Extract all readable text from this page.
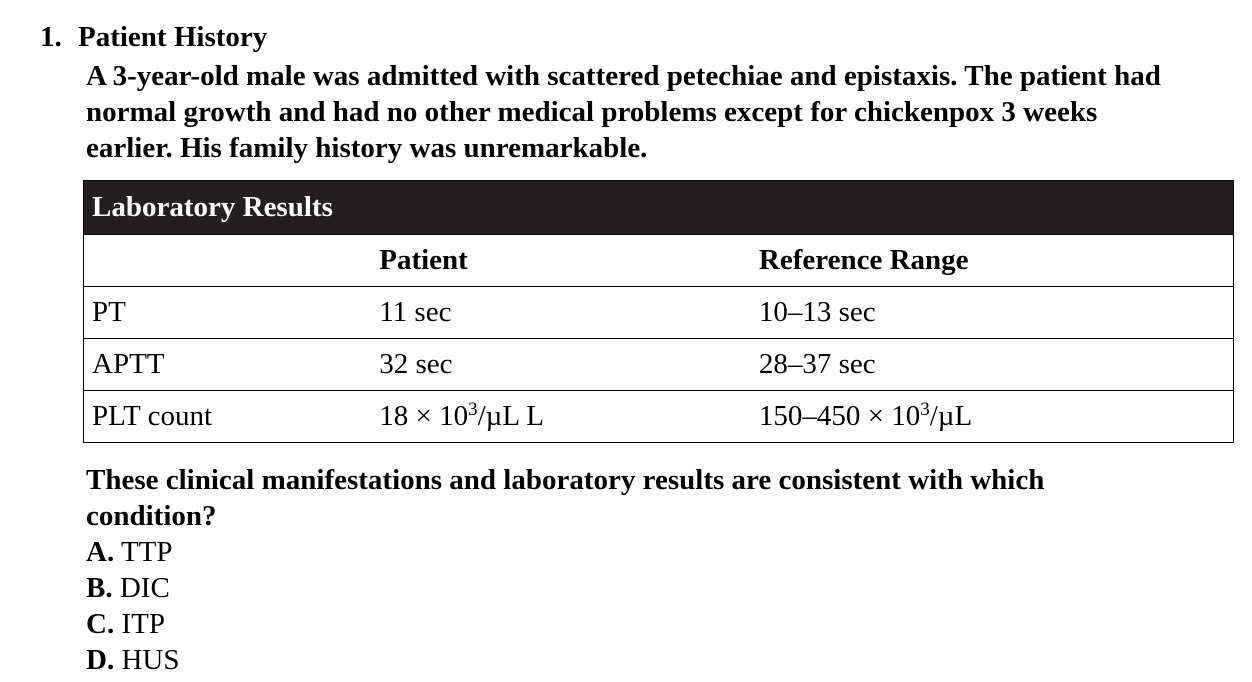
1. Patient History

A 3-year-old male was admitted with scattered petechiae and epistaxis. The patient had

normal growth and had no other medical problems except for chickenpox 3 weeks

earlier. His family history was unremarkable.

Laboratory Results		
	Patient	Reference Range
PT	11 sec	10–13 sec
APTT	32 sec	28–37 sec
PLT count	$18 \times 10^3/\mu L$ L	$150-450 \times 10^3/\mu L$

These clinical manifestations and laboratory results are consistent with which

condition?

A. TTP
B. DIC
C. ITP
D. HUS
